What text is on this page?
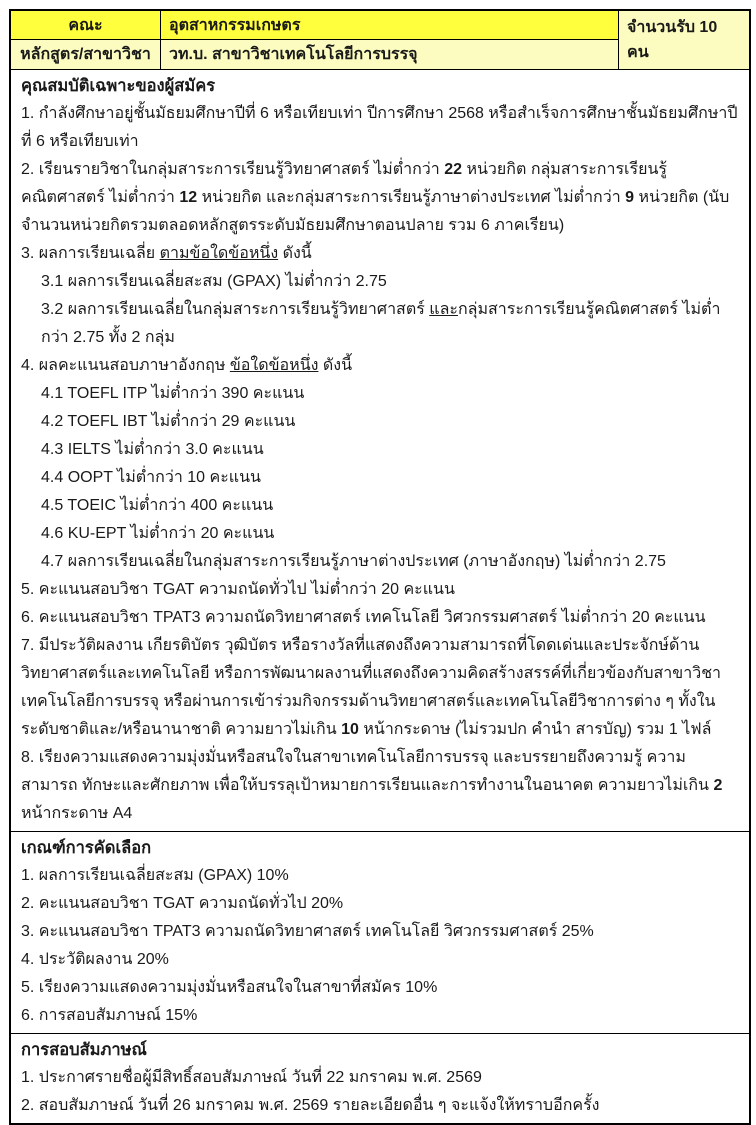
คณะ	อุตสาหกรรมเกษตร	จำนวนรับ 10 คน
หลักสูตร/สาขาวิชา	วท.บ. สาขาวิชาเทคโนโลยีการบรรจุ
คุณสมบัติเฉพาะของผู้สมัคร
1. กำลังศึกษาอยู่ชั้นมัธยมศึกษาปีที่ 6 หรือเทียบเท่า ปีการศึกษา 2568 หรือสำเร็จการศึกษาชั้นมัธยมศึกษาปีที่ 6 หรือเทียบเท่า
2. เรียนรายวิชาในกลุ่มสาระการเรียนรู้วิทยาศาสตร์ ไม่ต่ำกว่า 22 หน่วยกิต กลุ่มสาระการเรียนรู้คณิตศาสตร์ ไม่ต่ำกว่า 12 หน่วยกิต และกลุ่มสาระการเรียนรู้ภาษาต่างประเทศ ไม่ต่ำกว่า 9 หน่วยกิต (นับจำนวนหน่วยกิตรวมตลอดหลักสูตรระดับมัธยมศึกษาตอนปลาย รวม 6 ภาคเรียน)
3. ผลการเรียนเฉลี่ย ตามข้อใดข้อหนึ่ง ดังนี้
3.1 ผลการเรียนเฉลี่ยสะสม (GPAX) ไม่ต่ำกว่า 2.75
3.2 ผลการเรียนเฉลี่ยในกลุ่มสาระการเรียนรู้วิทยาศาสตร์ และกลุ่มสาระการเรียนรู้คณิตศาสตร์ ไม่ต่ำกว่า 2.75 ทั้ง 2 กลุ่ม
4. ผลคะแนนสอบภาษาอังกฤษ ข้อใดข้อหนึ่ง ดังนี้
4.1 TOEFL ITP ไม่ต่ำกว่า 390 คะแนน
4.2 TOEFL IBT ไม่ต่ำกว่า 29 คะแนน
4.3 IELTS ไม่ต่ำกว่า 3.0 คะแนน
4.4 OOPT ไม่ต่ำกว่า 10 คะแนน
4.5 TOEIC ไม่ต่ำกว่า 400 คะแนน
4.6 KU-EPT ไม่ต่ำกว่า 20 คะแนน
4.7 ผลการเรียนเฉลี่ยในกลุ่มสาระการเรียนรู้ภาษาต่างประเทศ (ภาษาอังกฤษ) ไม่ต่ำกว่า 2.75
5. คะแนนสอบวิชา TGAT ความถนัดทั่วไป ไม่ต่ำกว่า 20 คะแนน
6. คะแนนสอบวิชา TPAT3 ความถนัดวิทยาศาสตร์ เทคโนโลยี วิศวกรรมศาสตร์ ไม่ต่ำกว่า 20 คะแนน
7. มีประวัติผลงาน เกียรติบัตร วุฒิบัตร หรือรางวัลที่แสดงถึงความสามารถที่โดดเด่นและประจักษ์ด้านวิทยาศาสตร์และเทคโนโลยี หรือการพัฒนาผลงานที่แสดงถึงความคิดสร้างสรรค์ที่เกี่ยวข้องกับสาขาวิชาเทคโนโลยีการบรรจุ หรือผ่านการเข้าร่วมกิจกรรมด้านวิทยาศาสตร์และเทคโนโลยีวิชาการต่าง ๆ ทั้งในระดับชาติและ/หรือนานาชาติ ความยาวไม่เกิน 10 หน้ากระดาษ (ไม่รวมปก คำนำ สารบัญ) รวม 1 ไฟล์
8. เรียงความแสดงความมุ่งมั่นหรือสนใจในสาขาเทคโนโลยีการบรรจุ และบรรยายถึงความรู้ ความสามารถ ทักษะและศักยภาพ เพื่อให้บรรลุเป้าหมายการเรียนและการทำงานในอนาคต ความยาวไม่เกิน 2 หน้ากระดาษ A4
เกณฑ์การคัดเลือก
1. ผลการเรียนเฉลี่ยสะสม (GPAX) 10%
2. คะแนนสอบวิชา TGAT ความถนัดทั่วไป 20%
3. คะแนนสอบวิชา TPAT3 ความถนัดวิทยาศาสตร์ เทคโนโลยี วิศวกรรมศาสตร์ 25%
4. ประวัติผลงาน 20%
5. เรียงความแสดงความมุ่งมั่นหรือสนใจในสาขาที่สมัคร 10%
6. การสอบสัมภาษณ์ 15%
การสอบสัมภาษณ์
1. ประกาศรายชื่อผู้มีสิทธิ์สอบสัมภาษณ์ วันที่ 22 มกราคม พ.ศ. 2569
2. สอบสัมภาษณ์ วันที่ 26 มกราคม พ.ศ. 2569 รายละเอียดอื่น ๆ จะแจ้งให้ทราบอีกครั้ง
